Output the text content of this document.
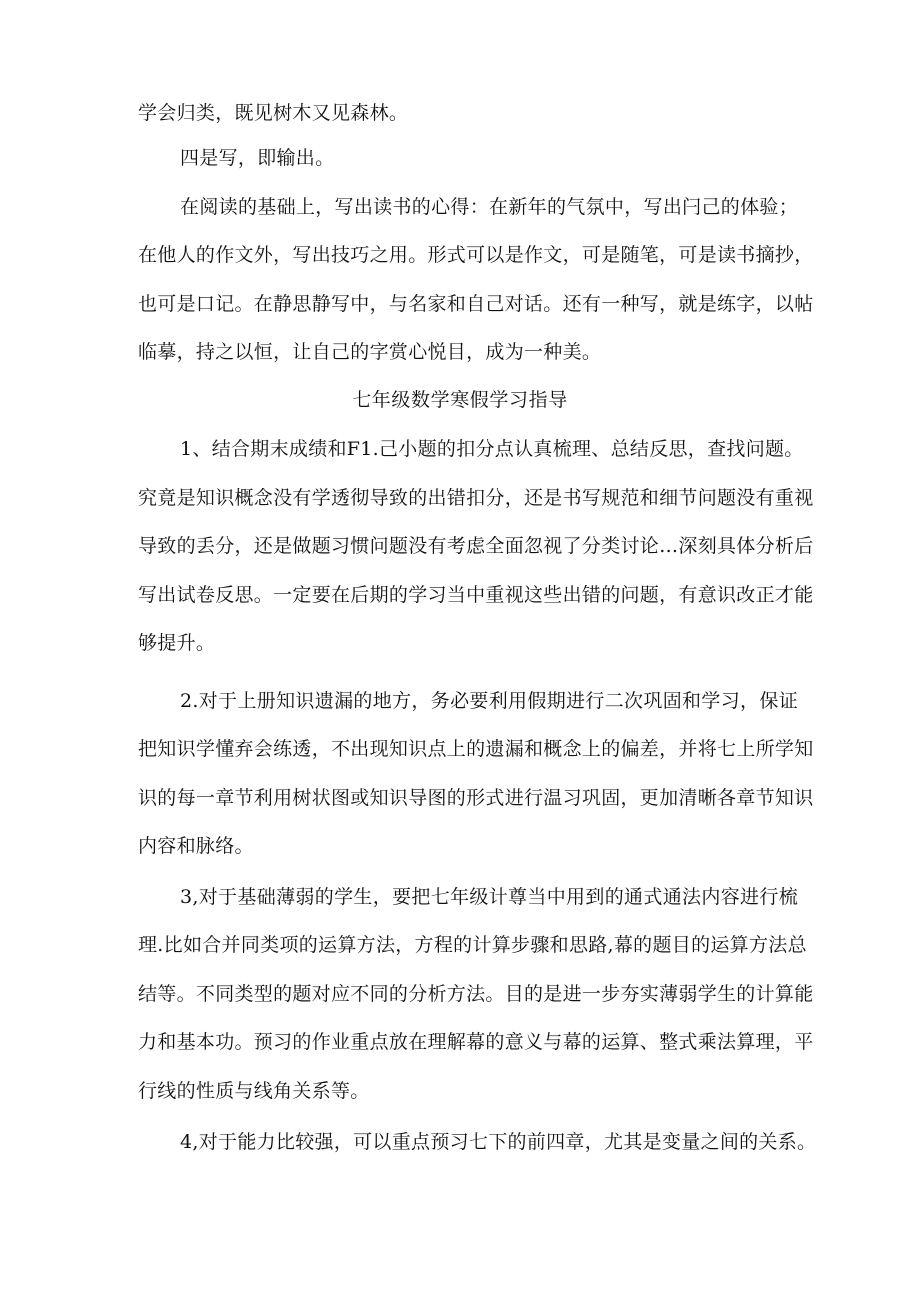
学会归类，既见树木又见森林。
四是写，即输出。
在阅读的基础上，写出读书的心得：在新年的气氛中，写出闩己的体验；
在他人的作文外，写出技巧之用。形式可以是作文，可是随笔，可是读书摘抄，
也可是口记。在静思静写中，与名家和自己对话。还有一种写，就是练字，以帖
临摹，持之以恒，让自己的字赏心悦目，成为一种美。
七年级数学寒假学习指导
1、结合期末成绩和F1.己小题的扣分点认真梳理、总结反思，查找问题。
究竟是知识概念没有学透彻导致的出错扣分，还是书写规范和细节问题没有重视
导致的丢分，还是做题习惯问题没有考虑全面忽视了分类讨论…深刻具体分析后
写出试卷反思。一定要在后期的学习当中重视这些出错的问题，有意识改正才能
够提升。
2.对于上册知识遗漏的地方，务必要利用假期进行二次巩固和学习，保证
把知识学懂弃会练透，不出现知识点上的遗漏和概念上的偏差，并将七上所学知
识的每一章节利用树状图或知识导图的形式进行温习巩固，更加清晰各章节知识
内容和脉络。
3,对于基础薄弱的学生，要把七年级计尊当中用到的通式通法内容进行梳
理.比如合并同类项的运算方法，方程的计算步骤和思路,幕的题目的运算方法总
结等。不同类型的题对应不同的分析方法。目的是进一步夯实薄弱学生的计算能
力和基本功。预习的作业重点放在理解幕的意义与幕的运算、整式乘法算理，平
行线的性质与线角关系等。
4,对于能力比较强，可以重点预习七下的前四章，尤其是变量之间的关系。
